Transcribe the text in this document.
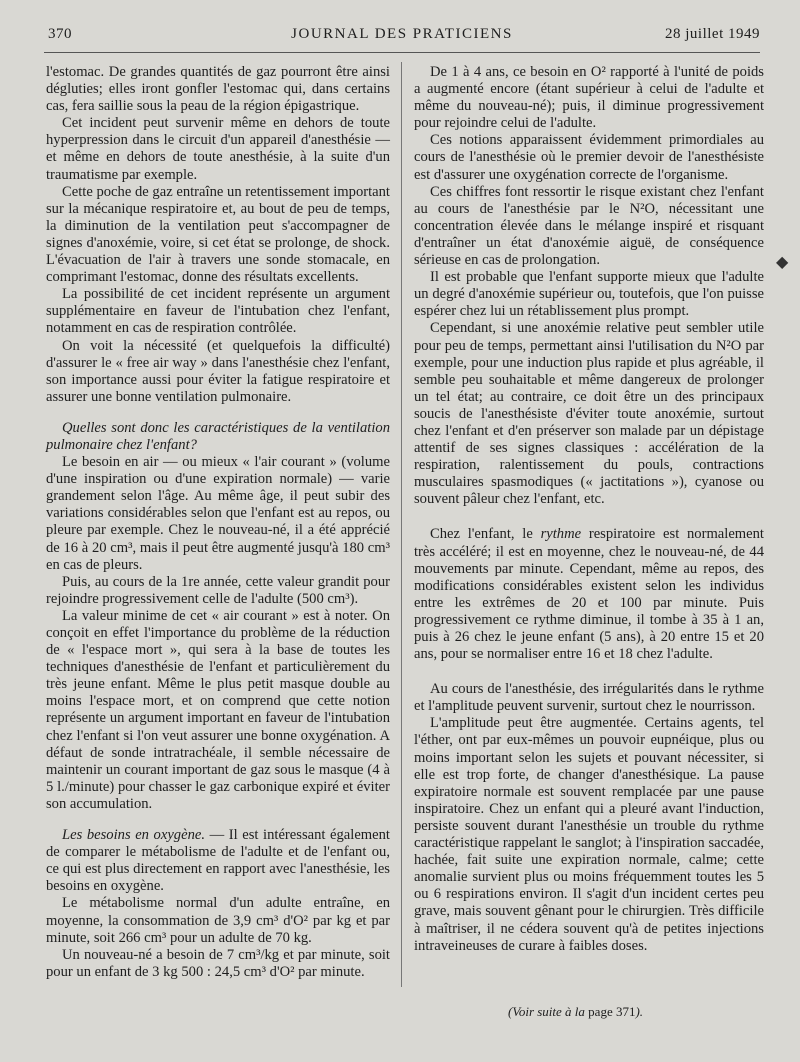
370	JOURNAL DES PRATICIENS	28 juillet 1949

l'estomac. De grandes quantités de gaz pourront être ainsi dégluties; elles iront gonfler l'estomac qui, dans certains cas, fera saillie sous la peau de la région épigastrique.

Cet incident peut survenir même en dehors de toute hyperpression dans le circuit d'un appareil d'anesthésie — et même en dehors de toute anesthésie, à la suite d'un traumatisme par exemple.

Cette poche de gaz entraîne un retentissement important sur la mécanique respiratoire et, au bout de peu de temps, la diminution de la ventilation peut s'accompagner de signes d'anoxémie, voire, si cet état se prolonge, de shock. L'évacuation de l'air à travers une sonde stomacale, en comprimant l'estomac, donne des résultats excellents.

La possibilité de cet incident représente un argument supplémentaire en faveur de l'intubation chez l'enfant, notamment en cas de respiration contrôlée.

On voit la nécessité (et quelquefois la difficulté) d'assurer le « free air way » dans l'anesthésie chez l'enfant, son importance aussi pour éviter la fatigue respiratoire et assurer une bonne ventilation pulmonaire.

Quelles sont donc les caractéristiques de la ventilation pulmonaire chez l'enfant?

Le besoin en air — ou mieux « l'air courant » (volume d'une inspiration ou d'une expiration normale) — varie grandement selon l'âge. Au même âge, il peut subir des variations considérables selon que l'enfant est au repos, ou pleure par exemple. Chez le nouveau-né, il a été apprécié de 16 à 20 cm³, mais il peut être augmenté jusqu'à 180 cm³ en cas de pleurs.

Puis, au cours de la 1re année, cette valeur grandit pour rejoindre progressivement celle de l'adulte (500 cm³).

La valeur minime de cet « air courant » est à noter. On conçoit en effet l'importance du problème de la réduction de « l'espace mort », qui sera à la base de toutes les techniques d'anesthésie de l'enfant et particulièrement du très jeune enfant. Même le plus petit masque double au moins l'espace mort, et on comprend que cette notion représente un argument important en faveur de l'intubation chez l'enfant si l'on veut assurer une bonne oxygénation. A défaut de sonde intratrachéale, il semble nécessaire de maintenir un courant important de gaz sous le masque (4 à 5 l./minute) pour chasser le gaz carbonique expiré et éviter son accumulation.

Les besoins en oxygène. — Il est intéressant également de comparer le métabolisme de l'adulte et de l'enfant ou, ce qui est plus directement en rapport avec l'anesthésie, les besoins en oxygène.

Le métabolisme normal d'un adulte entraîne, en moyenne, la consommation de 3,9 cm³ d'O² par kg et par minute, soit 266 cm³ pour un adulte de 70 kg.

Un nouveau-né a besoin de 7 cm³/kg et par minute, soit pour un enfant de 3 kg 500 : 24,5 cm³ d'O² par minute.

De 1 à 4 ans, ce besoin en O² rapporté à l'unité de poids a augmenté encore (étant supérieur à celui de l'adulte et même du nouveau-né); puis, il diminue progressivement pour rejoindre celui de l'adulte.

Ces notions apparaissent évidemment primordiales au cours de l'anesthésie où le premier devoir de l'anesthésiste est d'assurer une oxygénation correcte de l'organisme.

Ces chiffres font ressortir le risque existant chez l'enfant au cours de l'anesthésie par le N²O, nécessitant une concentration élevée dans le mélange inspiré et risquant d'entraîner un état d'anoxémie aiguë, de conséquence sérieuse en cas de prolongation.

Il est probable que l'enfant supporte mieux que l'adulte un degré d'anoxémie supérieur ou, toutefois, que l'on puisse espérer chez lui un rétablissement plus prompt.

Cependant, si une anoxémie relative peut sembler utile pour peu de temps, permettant ainsi l'utilisation du N²O par exemple, pour une induction plus rapide et plus agréable, il semble peu souhaitable et même dangereux de prolonger un tel état; au contraire, ce doit être un des principaux soucis de l'anesthésiste d'éviter toute anoxémie, surtout chez l'enfant et d'en préserver son malade par un dépistage attentif de ses signes classiques : accélération de la respiration, ralentissement du pouls, contractions musculaires spasmodiques (« jactitations »), cyanose ou souvent pâleur chez l'enfant, etc.

Chez l'enfant, le rythme respiratoire est normalement très accéléré; il est en moyenne, chez le nouveau-né, de 44 mouvements par minute. Cependant, même au repos, des modifications considérables existent selon les individus entre les extrêmes de 20 et 100 par minute. Puis progressivement ce rythme diminue, il tombe à 35 à 1 an, puis à 26 chez le jeune enfant (5 ans), à 20 entre 15 et 20 ans, pour se normaliser entre 16 et 18 chez l'adulte.

Au cours de l'anesthésie, des irrégularités dans le rythme et l'amplitude peuvent survenir, surtout chez le nourrisson.

L'amplitude peut être augmentée. Certains agents, tel l'éther, ont par eux-mêmes un pouvoir eupnéique, plus ou moins important selon les sujets et pouvant nécessiter, si elle est trop forte, de changer d'anesthésique. La pause expiratoire normale est souvent remplacée par une pause inspiratoire. Chez un enfant qui a pleuré avant l'induction, persiste souvent durant l'anesthésie un trouble du rythme caractéristique rappelant le sanglot; à l'inspiration saccadée, hachée, fait suite une expiration normale, calme; cette anomalie survient plus ou moins fréquemment toutes les 5 ou 6 respirations environ. Il s'agit d'un incident certes peu grave, mais souvent gênant pour le chirurgien. Très difficile à maîtriser, il ne cédera souvent qu'à de petites injections intraveineuses de curare à faibles doses.

(Voir suite à la page 371).
◆
